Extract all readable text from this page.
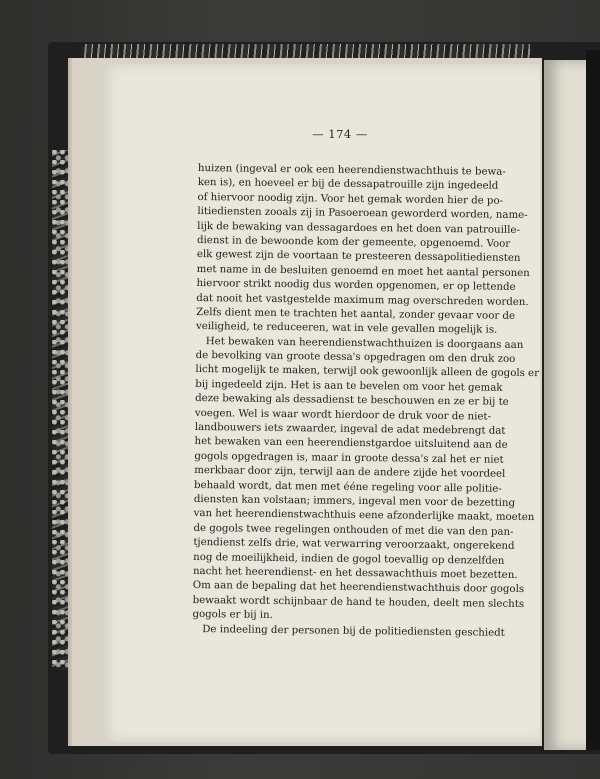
— 174 —
huizen (ingeval er ook een heerendienstwachthuis te bewa-
ken is), en hoeveel er bij de dessapatrouille zijn ingedeeld
of hiervoor noodig zijn. Voor het gemak worden hier de po-
litiediensten zooals zij in Pasoeroean geworderd worden, name-
lijk de bewaking van dessagardoes en het doen van patrouille-
dienst in de bewoonde kom der gemeente, opgenoemd. Voor
elk gewest zijn de voortaan te presteeren dessapolitiediensten
met name in de besluiten genoemd en moet het aantal personen
hiervoor strikt noodig dus worden opgenomen, er op lettende
dat nooit het vastgestelde maximum mag overschreden worden.
Zelfs dient men te trachten het aantal, zonder gevaar voor de
veiligheid, te reduceeren, wat in vele gevallen mogelijk is.
Het bewaken van heerendienstwachthuizen is doorgaans aan
de bevolking van groote dessa's opgedragen om den druk zoo
licht mogelijk te maken, terwijl ook gewoonlijk alleen de gogols er
bij ingedeeld zijn. Het is aan te bevelen om voor het gemak
deze bewaking als dessadienst te beschouwen en ze er bij te
voegen. Wel is waar wordt hierdoor de druk voor de niet-
landbouwers iets zwaarder, ingeval de adat medebrengt dat
het bewaken van een heerendienstgardoe uitsluitend aan de
gogols opgedragen is, maar in groote dessa's zal het er niet
merkbaar door zijn, terwijl aan de andere zijde het voordeel
behaald wordt, dat men met ééne regeling voor alle politie-
diensten kan volstaan; immers, ingeval men voor de bezetting
van het heerendienstwachthuis eene afzonderlijke maakt, moeten
de gogols twee regelingen onthouden of met die van den pan-
tjendienst zelfs drie, wat verwarring veroorzaakt, ongerekend
nog de moeilijkheid, indien de gogol toevallig op denzelfden
nacht het heerendienst- en het dessawachthuis moet bezetten.
Om aan de bepaling dat het heerendienstwachthuis door gogols
bewaakt wordt schijnbaar de hand te houden, deelt men slechts
gogols er bij in.
De indeeling der personen bij de politiediensten geschiedt
